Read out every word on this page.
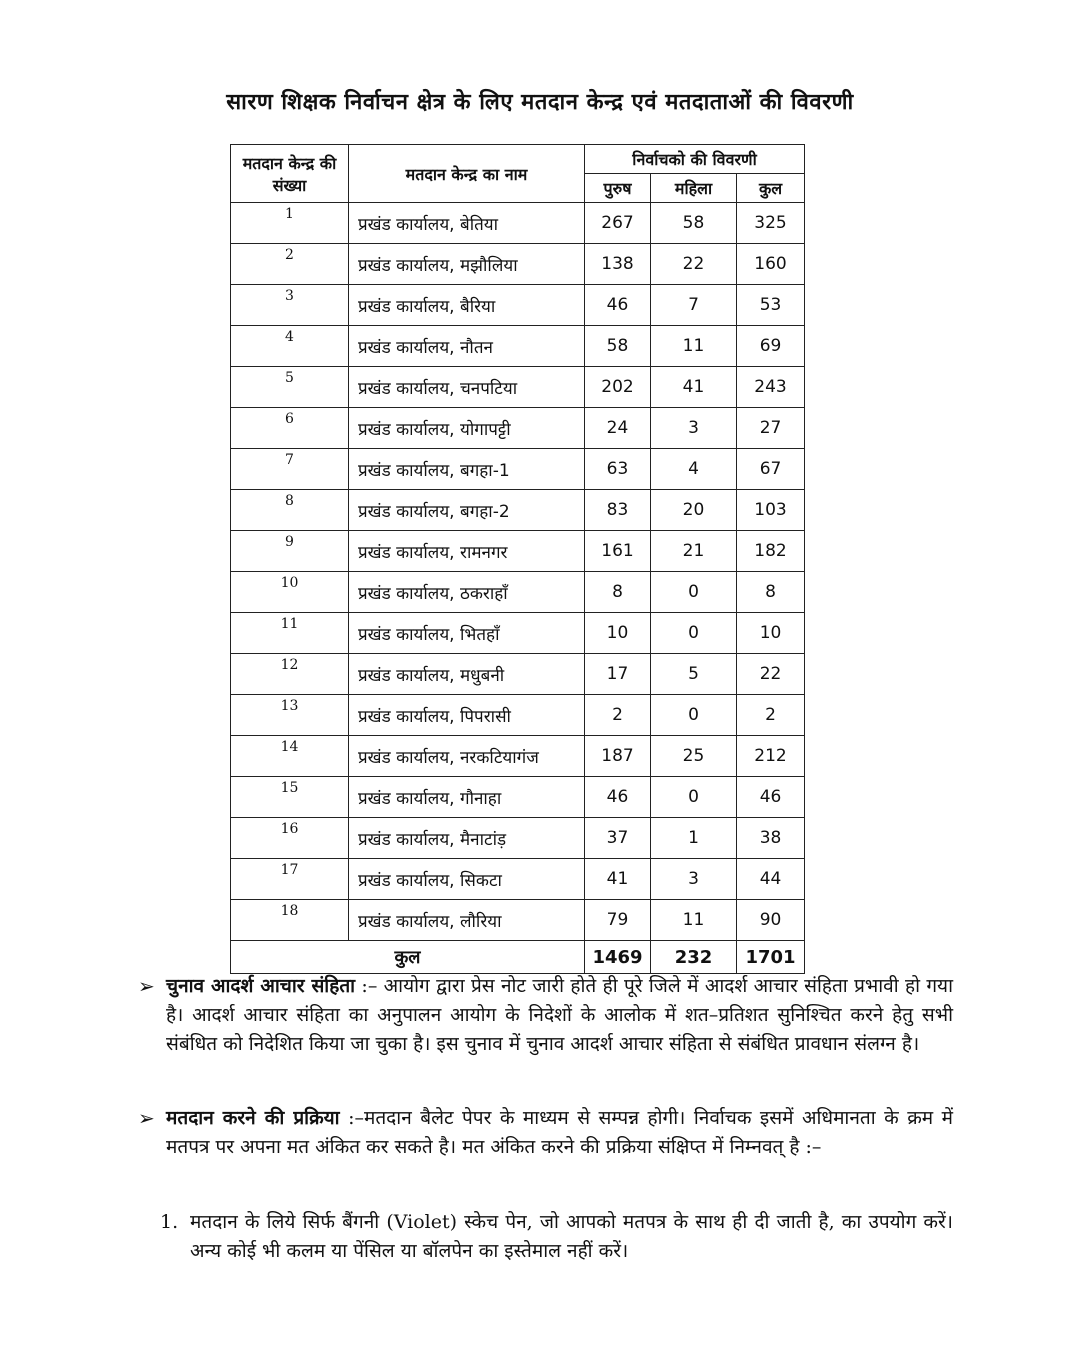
सारण शिक्षक निर्वाचन क्षेत्र के लिए मतदान केन्द्र एवं मतदाताओं की विवरणी
मतदान केन्द्र की संख्या	मतदान केन्द्र का नाम	निर्वाचको की विवरणी		
		पुरुष	महिला	कुल
1	प्रखंड कार्यालय, बेतिया	267	58	325
2	प्रखंड कार्यालय, मझौलिया	138	22	160
3	प्रखंड कार्यालय, बैरिया	46	7	53
4	प्रखंड कार्यालय, नौतन	58	11	69
5	प्रखंड कार्यालय, चनपटिया	202	41	243
6	प्रखंड कार्यालय, योगापट्टी	24	3	27
7	प्रखंड कार्यालय, बगहा-1	63	4	67
8	प्रखंड कार्यालय, बगहा-2	83	20	103
9	प्रखंड कार्यालय, रामनगर	161	21	182
10	प्रखंड कार्यालय, ठकराहाँ	8	0	8
11	प्रखंड कार्यालय, भितहाँ	10	0	10
12	प्रखंड कार्यालय, मधुबनी	17	5	22
13	प्रखंड कार्यालय, पिपरासी	2	0	2
14	प्रखंड कार्यालय, नरकटियागंज	187	25	212
15	प्रखंड कार्यालय, गौनाहा	46	0	46
16	प्रखंड कार्यालय, मैनाटांड़	37	1	38
17	प्रखंड कार्यालय, सिकटा	41	3	44
18	प्रखंड कार्यालय, लौरिया	79	11	90
कुल		1469	232	1701
➢ चुनाव आदर्श आचार संहिता :– आयोग द्वारा प्रेस नोट जारी होते ही पूरे जिले में आदर्श आचार संहिता प्रभावी हो गया है। आदर्श आचार संहिता का अनुपालन आयोग के निदेशों के आलोक में शत–प्रतिशत सुनिश्चित करने हेतु सभी संबंधित को निदेशित किया जा चुका है। इस चुनाव में चुनाव आदर्श आचार संहिता से संबंधित प्रावधान संलग्न है।
➢ मतदान करने की प्रक्रिया :–मतदान बैलेट पेपर के माध्यम से सम्पन्न होगी। निर्वाचक इसमें अधिमानता के क्रम में मतपत्र पर अपना मत अंकित कर सकते है। मत अंकित करने की प्रक्रिया संक्षिप्त में निम्नवत् है :–
1. मतदान के लिये सिर्फ बैंगनी (Violet) स्केच पेन, जो आपको मतपत्र के साथ ही दी जाती है, का उपयोग करें। अन्य कोई भी कलम या पेंसिल या बॉलपेन का इस्तेमाल नहीं करें।
